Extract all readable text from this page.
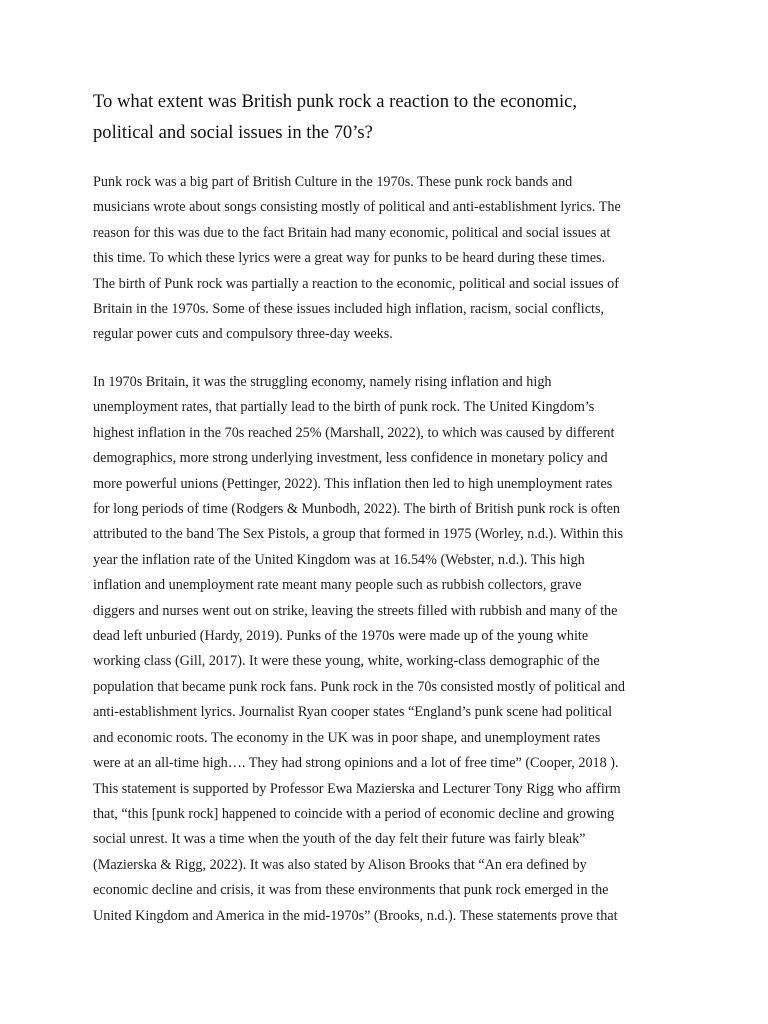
To what extent was British punk rock a reaction to the economic,
political and social issues in the 70’s?

Punk rock was a big part of British Culture in the 1970s. These punk rock bands and
musicians wrote about songs consisting mostly of political and anti-establishment lyrics. The
reason for this was due to the fact Britain had many economic, political and social issues at
this time. To which these lyrics were a great way for punks to be heard during these times.
The birth of Punk rock was partially a reaction to the economic, political and social issues of
Britain in the 1970s. Some of these issues included high inflation, racism, social conflicts,
regular power cuts and compulsory three-day weeks.

In 1970s Britain, it was the struggling economy, namely rising inflation and high
unemployment rates, that partially lead to the birth of punk rock. The United Kingdom’s
highest inflation in the 70s reached 25% (Marshall, 2022), to which was caused by different
demographics, more strong underlying investment, less confidence in monetary policy and
more powerful unions (Pettinger, 2022). This inflation then led to high unemployment rates
for long periods of time (Rodgers & Munbodh, 2022). The birth of British punk rock is often
attributed to the band The Sex Pistols, a group that formed in 1975 (Worley, n.d.). Within this
year the inflation rate of the United Kingdom was at 16.54% (Webster, n.d.). This high
inflation and unemployment rate meant many people such as rubbish collectors, grave
diggers and nurses went out on strike, leaving the streets filled with rubbish and many of the
dead left unburied (Hardy, 2019). Punks of the 1970s were made up of the young white
working class (Gill, 2017). It were these young, white, working-class demographic of the
population that became punk rock fans. Punk rock in the 70s consisted mostly of political and
anti-establishment lyrics. Journalist Ryan cooper states “England’s punk scene had political
and economic roots. The economy in the UK was in poor shape, and unemployment rates
were at an all-time high…. They had strong opinions and a lot of free time” (Cooper, 2018 ).
This statement is supported by Professor Ewa Mazierska and Lecturer Tony Rigg who affirm
that, “this [punk rock] happened to coincide with a period of economic decline and growing
social unrest. It was a time when the youth of the day felt their future was fairly bleak”
(Mazierska & Rigg, 2022). It was also stated by Alison Brooks that “An era defined by
economic decline and crisis, it was from these environments that punk rock emerged in the
United Kingdom and America in the mid-1970s” (Brooks, n.d.). These statements prove that
